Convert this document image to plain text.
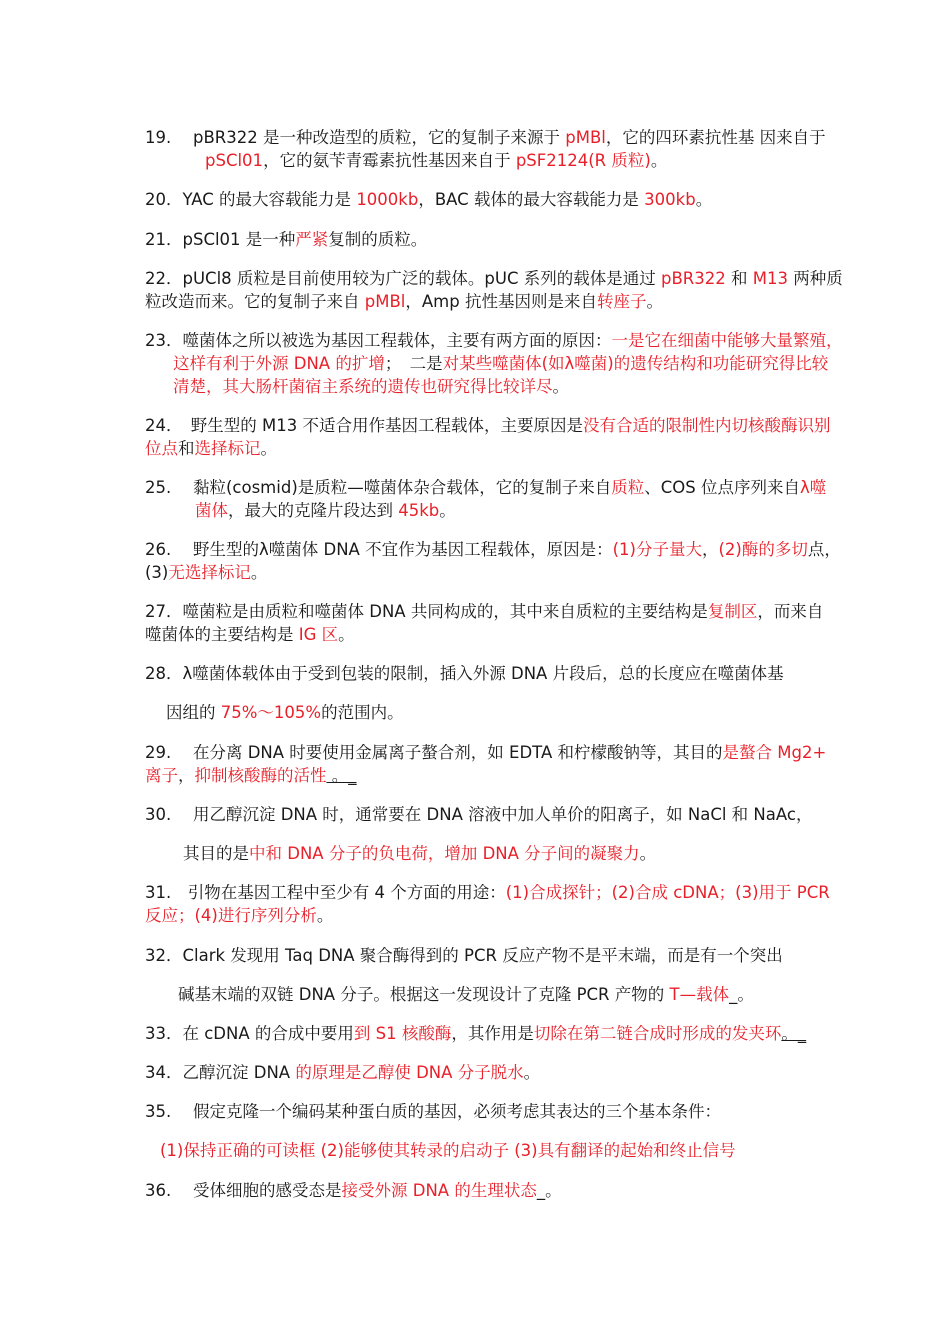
19.　 pBR322 是一种改造型的质粒，它的复制子来源于 pMBl，它的四环素抗性基 因来自于
pSCl01，它的氨苄青霉素抗性基因来自于 pSF2124(R 质粒)。
20．YAC 的最大容载能力是 1000kb，BAC 载体的最大容载能力是 300kb。
21．pSCl01 是一种严紧复制的质粒。
22．pUCl8 质粒是目前使用较为广泛的载体。pUC 系列的载体是通过 pBR322 和 M13 两种质
粒改造而来。它的复制子来自 pMBl，Amp 抗性基因则是来自转座子。
23．噬菌体之所以被选为基因工程载体，主要有两方面的原因：一是它在细菌中能够大量繁殖，
这样有利于外源 DNA 的扩增；　二是对某些噬菌体(如λ噬菌)的遗传结构和功能研究得比较
清楚，其大肠杆菌宿主系统的遗传也研究得比较详尽。
24．　野生型的 M13 不适合用作基因工程载体，主要原因是没有合适的限制性内切核酸酶识别
位点和选择标记。
25.　 黏粒(cosmid)是质粒—噬菌体杂合载体，它的复制子来自质粒、COS 位点序列来自λ噬
菌体，最大的克隆片段达到 45kb。
26.　 野生型的λ噬菌体 DNA 不宜作为基因工程载体，原因是：(1)分子量大，(2)酶的多切点，
(3)无选择标记。
27．噬菌粒是由质粒和噬菌体 DNA 共同构成的，其中来自质粒的主要结构是复制区，而来自
噬菌体的主要结构是 IG 区。
28．λ噬菌体载体由于受到包装的限制，插入外源 DNA 片段后，总的长度应在噬菌体基
因组的 75%～105%的范围内。
29.　 在分离 DNA 时要使用金属离子螯合剂，如 EDTA 和柠檬酸钠等，其目的是螯合 Mg2+
离子，抑制核酸酶的活性 。_
30.　 用乙醇沉淀 DNA 时，通常要在 DNA 溶液中加人单价的阳离子，如 NaCl 和 NaAc，
其目的是中和 DNA 分子的负电荷，增加 DNA 分子间的凝聚力。
31.　引物在基因工程中至少有 4 个方面的用途：(1)合成探针；(2)合成 cDNA；(3)用于 PCR
反应；(4)进行序列分析。
32．Clark 发现用 Taq DNA 聚合酶得到的 PCR 反应产物不是平末端，而是有一个突出
碱基末端的双链 DNA 分子。根据这一发现设计了克隆 PCR 产物的 T—载体_。
33．在 cDNA 的合成中要用到 S1 核酸酶，其作用是切除在第二链合成时形成的发夹环。_
34．乙醇沉淀 DNA 的原理是乙醇使 DNA 分子脱水。
35.　 假定克隆一个编码某种蛋白质的基因，必须考虑其表达的三个基本条件：
(1)保持正确的可读框 (2)能够使其转录的启动子 (3)具有翻译的起始和终止信号
36.　 受体细胞的感受态是接受外源 DNA 的生理状态_。
